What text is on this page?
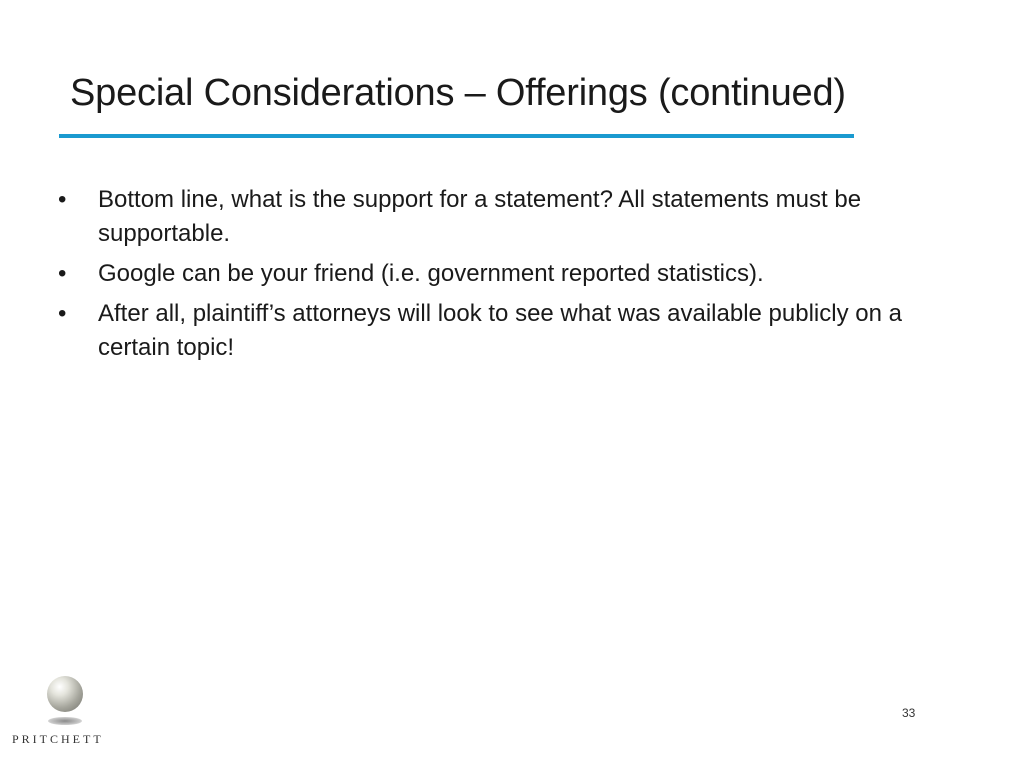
Special Considerations – Offerings (continued)
• Bottom line, what is the support for a statement? All statements must be supportable.
• Google can be your friend (i.e. government reported statistics).
• After all, plaintiff’s attorneys will look to see what was available publicly on a certain topic!
PRITCHETT
33
